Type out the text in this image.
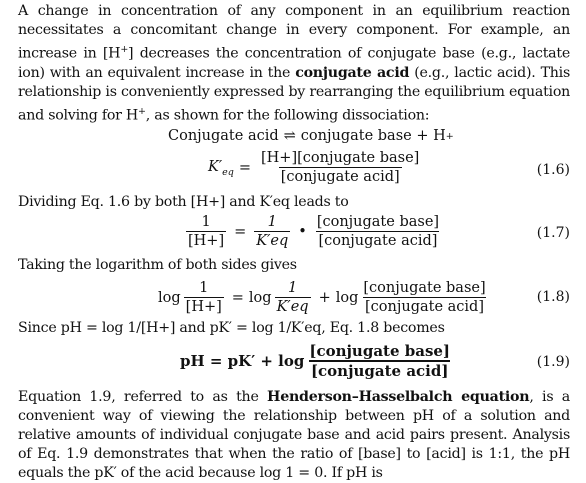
A change in concentration of any component in an equilibrium reaction necessitates a concomitant change in every component. For example, an increase in [H+] decreases the concentration of conjugate base (e.g., lactate ion) with an equivalent increase in the conjugate acid (e.g., lactic acid). This relationship is conveniently expressed by rearranging the equilibrium equation and solving for H+, as shown for the following dissociation:

Conjugate acid ⇌ conjugate base + H +
$K'_{eq} = \frac{\text{[H+][conjugate base]}}{\text{[conjugate acid]}}$	(1.6)

Dividing Eq. 1.6 by both [H+] and K′eq leads to

$\frac{1}{[H+]} = \frac{1}{K'eq}$ • $\frac{\text{[conjugate base]}}{\text{[conjugate acid]}}$	(1.7)

Taking the logarithm of both sides gives

$\log \frac{1}{[H+]} = \log \frac{1}{K'eq} + \log \frac{\text{[conjugate base]}}{\text{[conjugate acid]}}$	(1.8)

Since pH = log 1/[H+] and pK′ = log 1/K′eq, Eq. 1.8 becomes

pH = $pK' + \log \frac{\text{[conjugate base]}}{\text{[conjugate acid]}}$	(1.9)

Equation 1.9, referred to as the Henderson–Hasselbalch equation, is a convenient way of viewing the relationship between pH of a solution and relative amounts of individual conjugate base and acid pairs present. Analysis of Eq. 1.9 demonstrates that when the ratio of [base] to [acid] is 1:1, the pH equals the pK′ of the acid because log 1 = 0. If pH is
